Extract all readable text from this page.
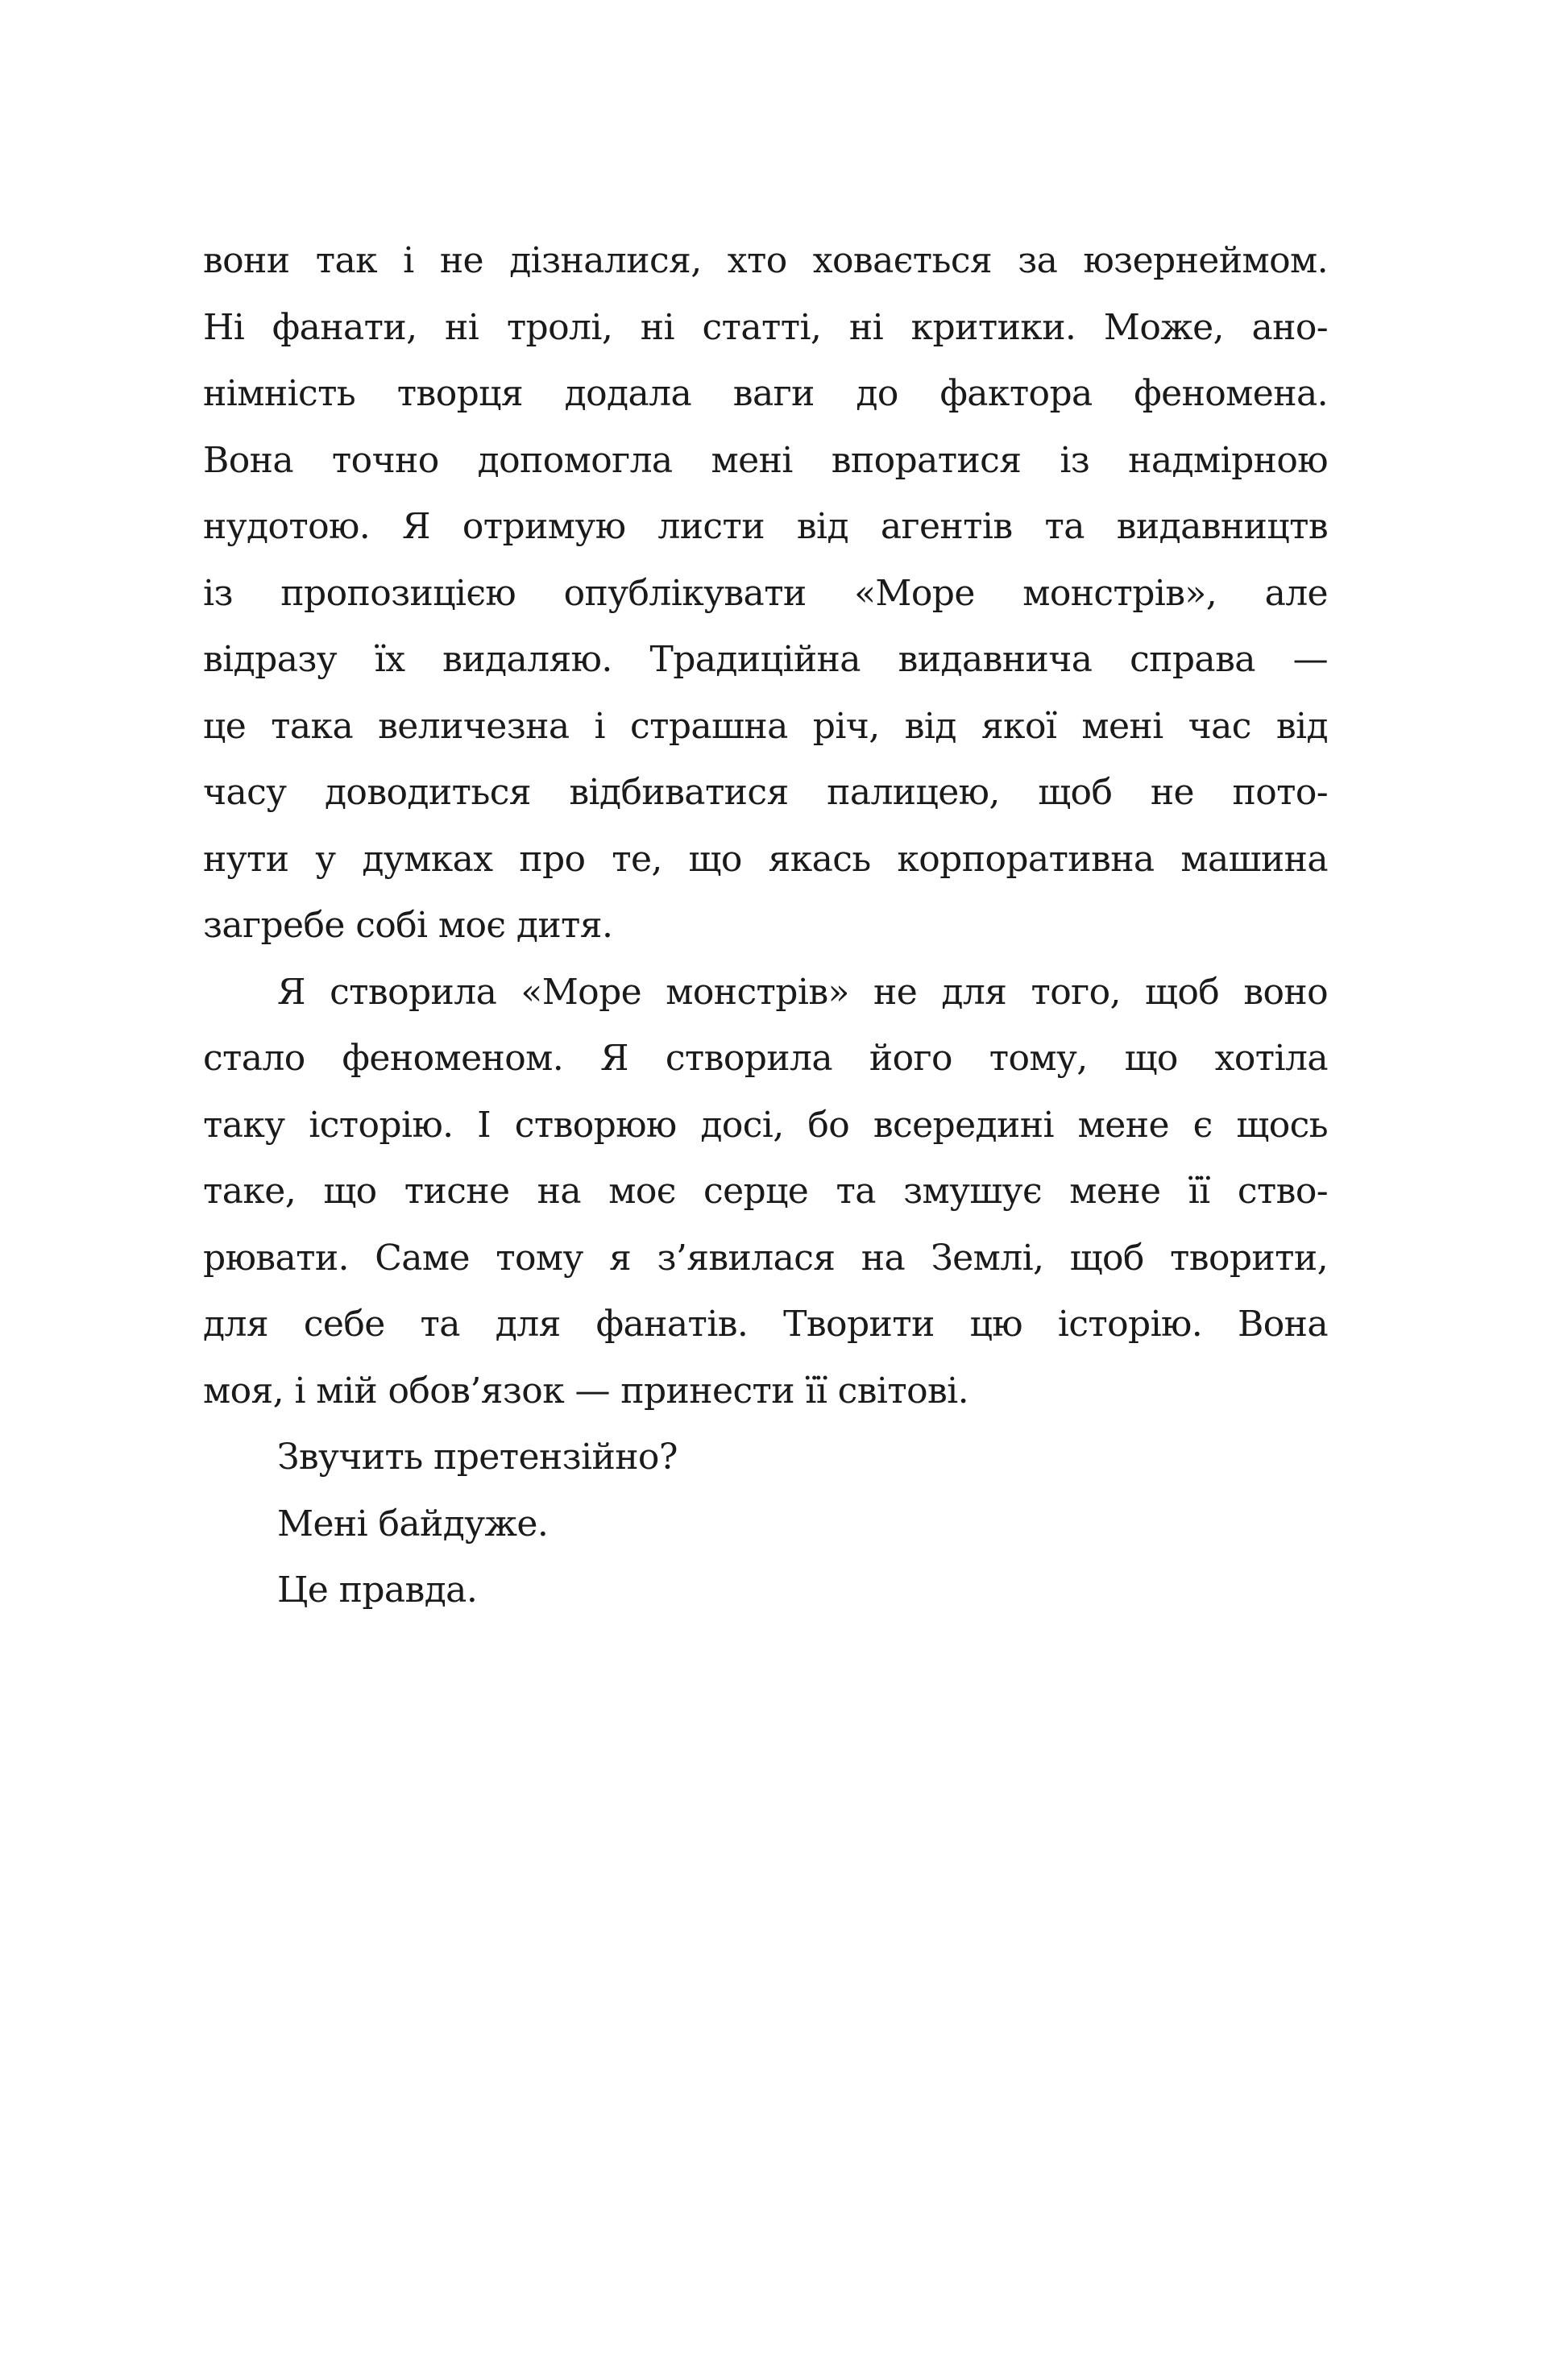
вони так і не дізналися, хто ховається за юзернеймом.
Ні фанати, ні тролі, ні статті, ні критики. Може, ано-
німність творця додала ваги до фактора феномена.
Вона точно допомогла мені впоратися із надмірною
нудотою. Я отримую листи від агентів та видавництв
із пропозицією опублікувати «Море монстрів», але
відразу їх видаляю. Традиційна видавнича справа —
це така величезна і страшна річ, від якої мені час від
часу доводиться відбиватися палицею, щоб не пото-
нути у думках про те, що якась корпоративна машина
загребе собі моє дитя.
Я створила «Море монстрів» не для того, щоб воно
стало феноменом. Я створила його тому, що хотіла
таку історію. І створюю досі, бо всередині мене є щось
таке, що тисне на моє серце та змушує мене її ство-
рювати. Саме тому я з’явилася на Землі, щоб творити,
для себе та для фанатів. Творити цю історію. Вона
моя, і мій обов’язок — принести її світові.
Звучить претензійно?
Мені байдуже.
Це правда.
